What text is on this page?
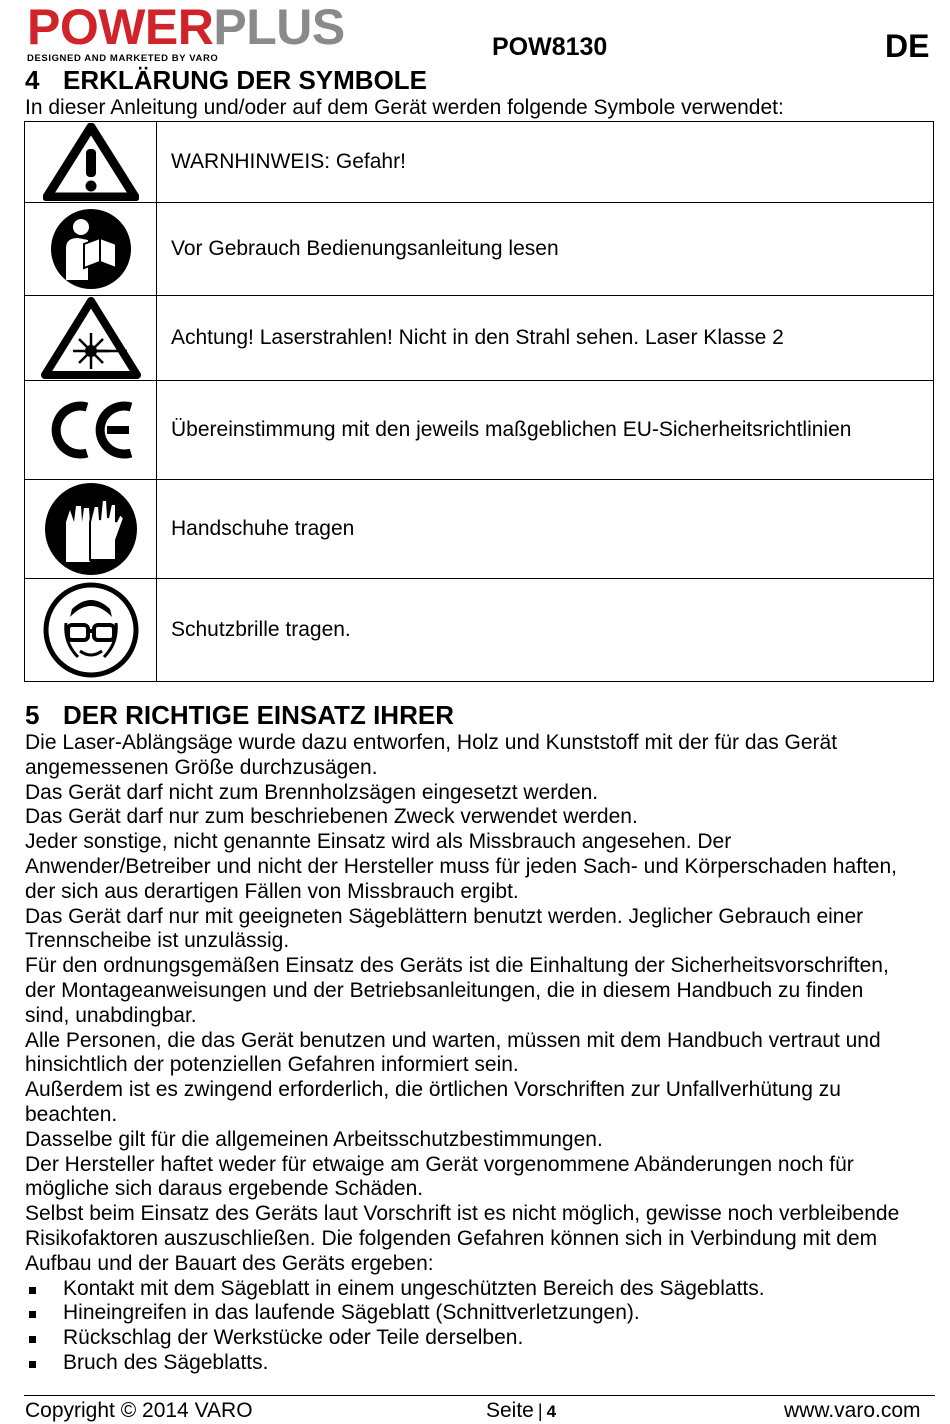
POWERPLUS
DESIGNED AND MARKETED BY VARO	POW8130	DE
4 ERKLÄRUNG DER SYMBOLE
In dieser Anleitung und/oder auf dem Gerät werden folgende Symbole verwendet:
WARNHINWEIS: Gefahr!
Vor Gebrauch Bedienungsanleitung lesen
Achtung! Laserstrahlen! Nicht in den Strahl sehen. Laser Klasse 2
Übereinstimmung mit den jeweils maßgeblichen EU-Sicherheitsrichtlinien
Handschuhe tragen
Schutzbrille tragen.
5 DER RICHTIGE EINSATZ IHRER

Die Laser-Ablängsäge wurde dazu entworfen, Holz und Kunststoff mit der für das Gerät

angemessenen Größe durchzusägen.

Das Gerät darf nicht zum Brennholzsägen eingesetzt werden.

Das Gerät darf nur zum beschriebenen Zweck verwendet werden.

Jeder sonstige, nicht genannte Einsatz wird als Missbrauch angesehen. Der

Anwender/Betreiber und nicht der Hersteller muss für jeden Sach- und Körperschaden haften,

der sich aus derartigen Fällen von Missbrauch ergibt.

Das Gerät darf nur mit geeigneten Sägeblättern benutzt werden. Jeglicher Gebrauch einer

Trennscheibe ist unzulässig.

Für den ordnungsgemäßen Einsatz des Geräts ist die Einhaltung der Sicherheitsvorschriften,

der Montageanweisungen und der Betriebsanleitungen, die in diesem Handbuch zu finden

sind, unabdingbar.

Alle Personen, die das Gerät benutzen und warten, müssen mit dem Handbuch vertraut und

hinsichtlich der potenziellen Gefahren informiert sein.

Außerdem ist es zwingend erforderlich, die örtlichen Vorschriften zur Unfallverhütung zu

beachten.

Dasselbe gilt für die allgemeinen Arbeitsschutzbestimmungen.

Der Hersteller haftet weder für etwaige am Gerät vorgenommene Abänderungen noch für

mögliche sich daraus ergebende Schäden.

Selbst beim Einsatz des Geräts laut Vorschrift ist es nicht möglich, gewisse noch verbleibende

Risikofaktoren auszuschließen. Die folgenden Gefahren können sich in Verbindung mit dem

Aufbau und der Bauart des Geräts ergeben:

Kontakt mit dem Sägeblatt in einem ungeschützten Bereich des Sägeblatts.
Hineingreifen in das laufende Sägeblatt (Schnittverletzungen).
Rückschlag der Werkstücke oder Teile derselben.
Bruch des Sägeblatts.
Copyright © 2014 VARO	Seite | 4	www.varo.com
